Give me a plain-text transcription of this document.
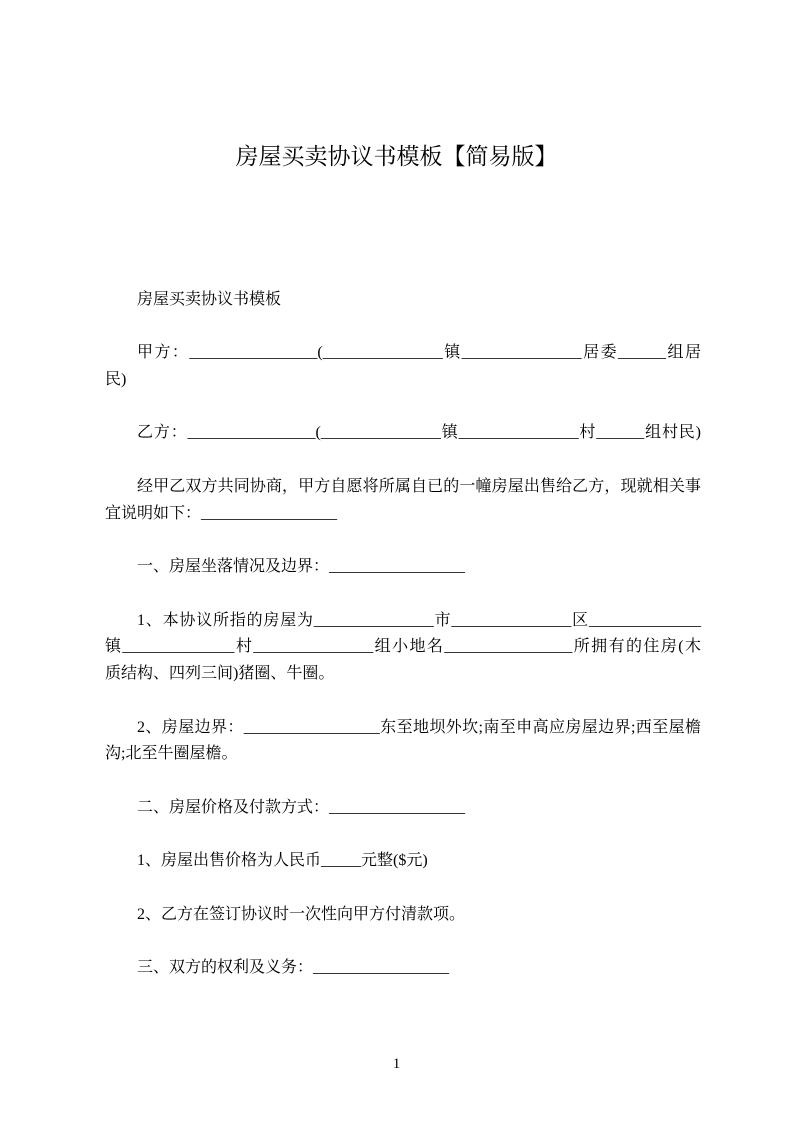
房屋买卖协议书模板【简易版】
房屋买卖协议书模板
甲方：________________(_______________镇_______________居委______组居
民)
乙方：________________(_______________镇_______________村______组村民)
经甲乙双方共同协商，甲方自愿将所属自已的一幢房屋出售给乙方，现就相关事
宜说明如下：_________________
一、房屋坐落情况及边界：_________________
1、本协议所指的房屋为_______________市_______________区______________
镇______________村_______________组小地名________________所拥有的住房(木
质结构、四列三间)猪圈、牛圈。
2、房屋边界：_________________东至地坝外坎;南至申高应房屋边界;西至屋檐
沟;北至牛圈屋檐。
二、房屋价格及付款方式：_________________
1、房屋出售价格为人民币_____元整($元)
2、乙方在签订协议时一次性向甲方付清款项。
三、双方的权利及义务：_________________
1
